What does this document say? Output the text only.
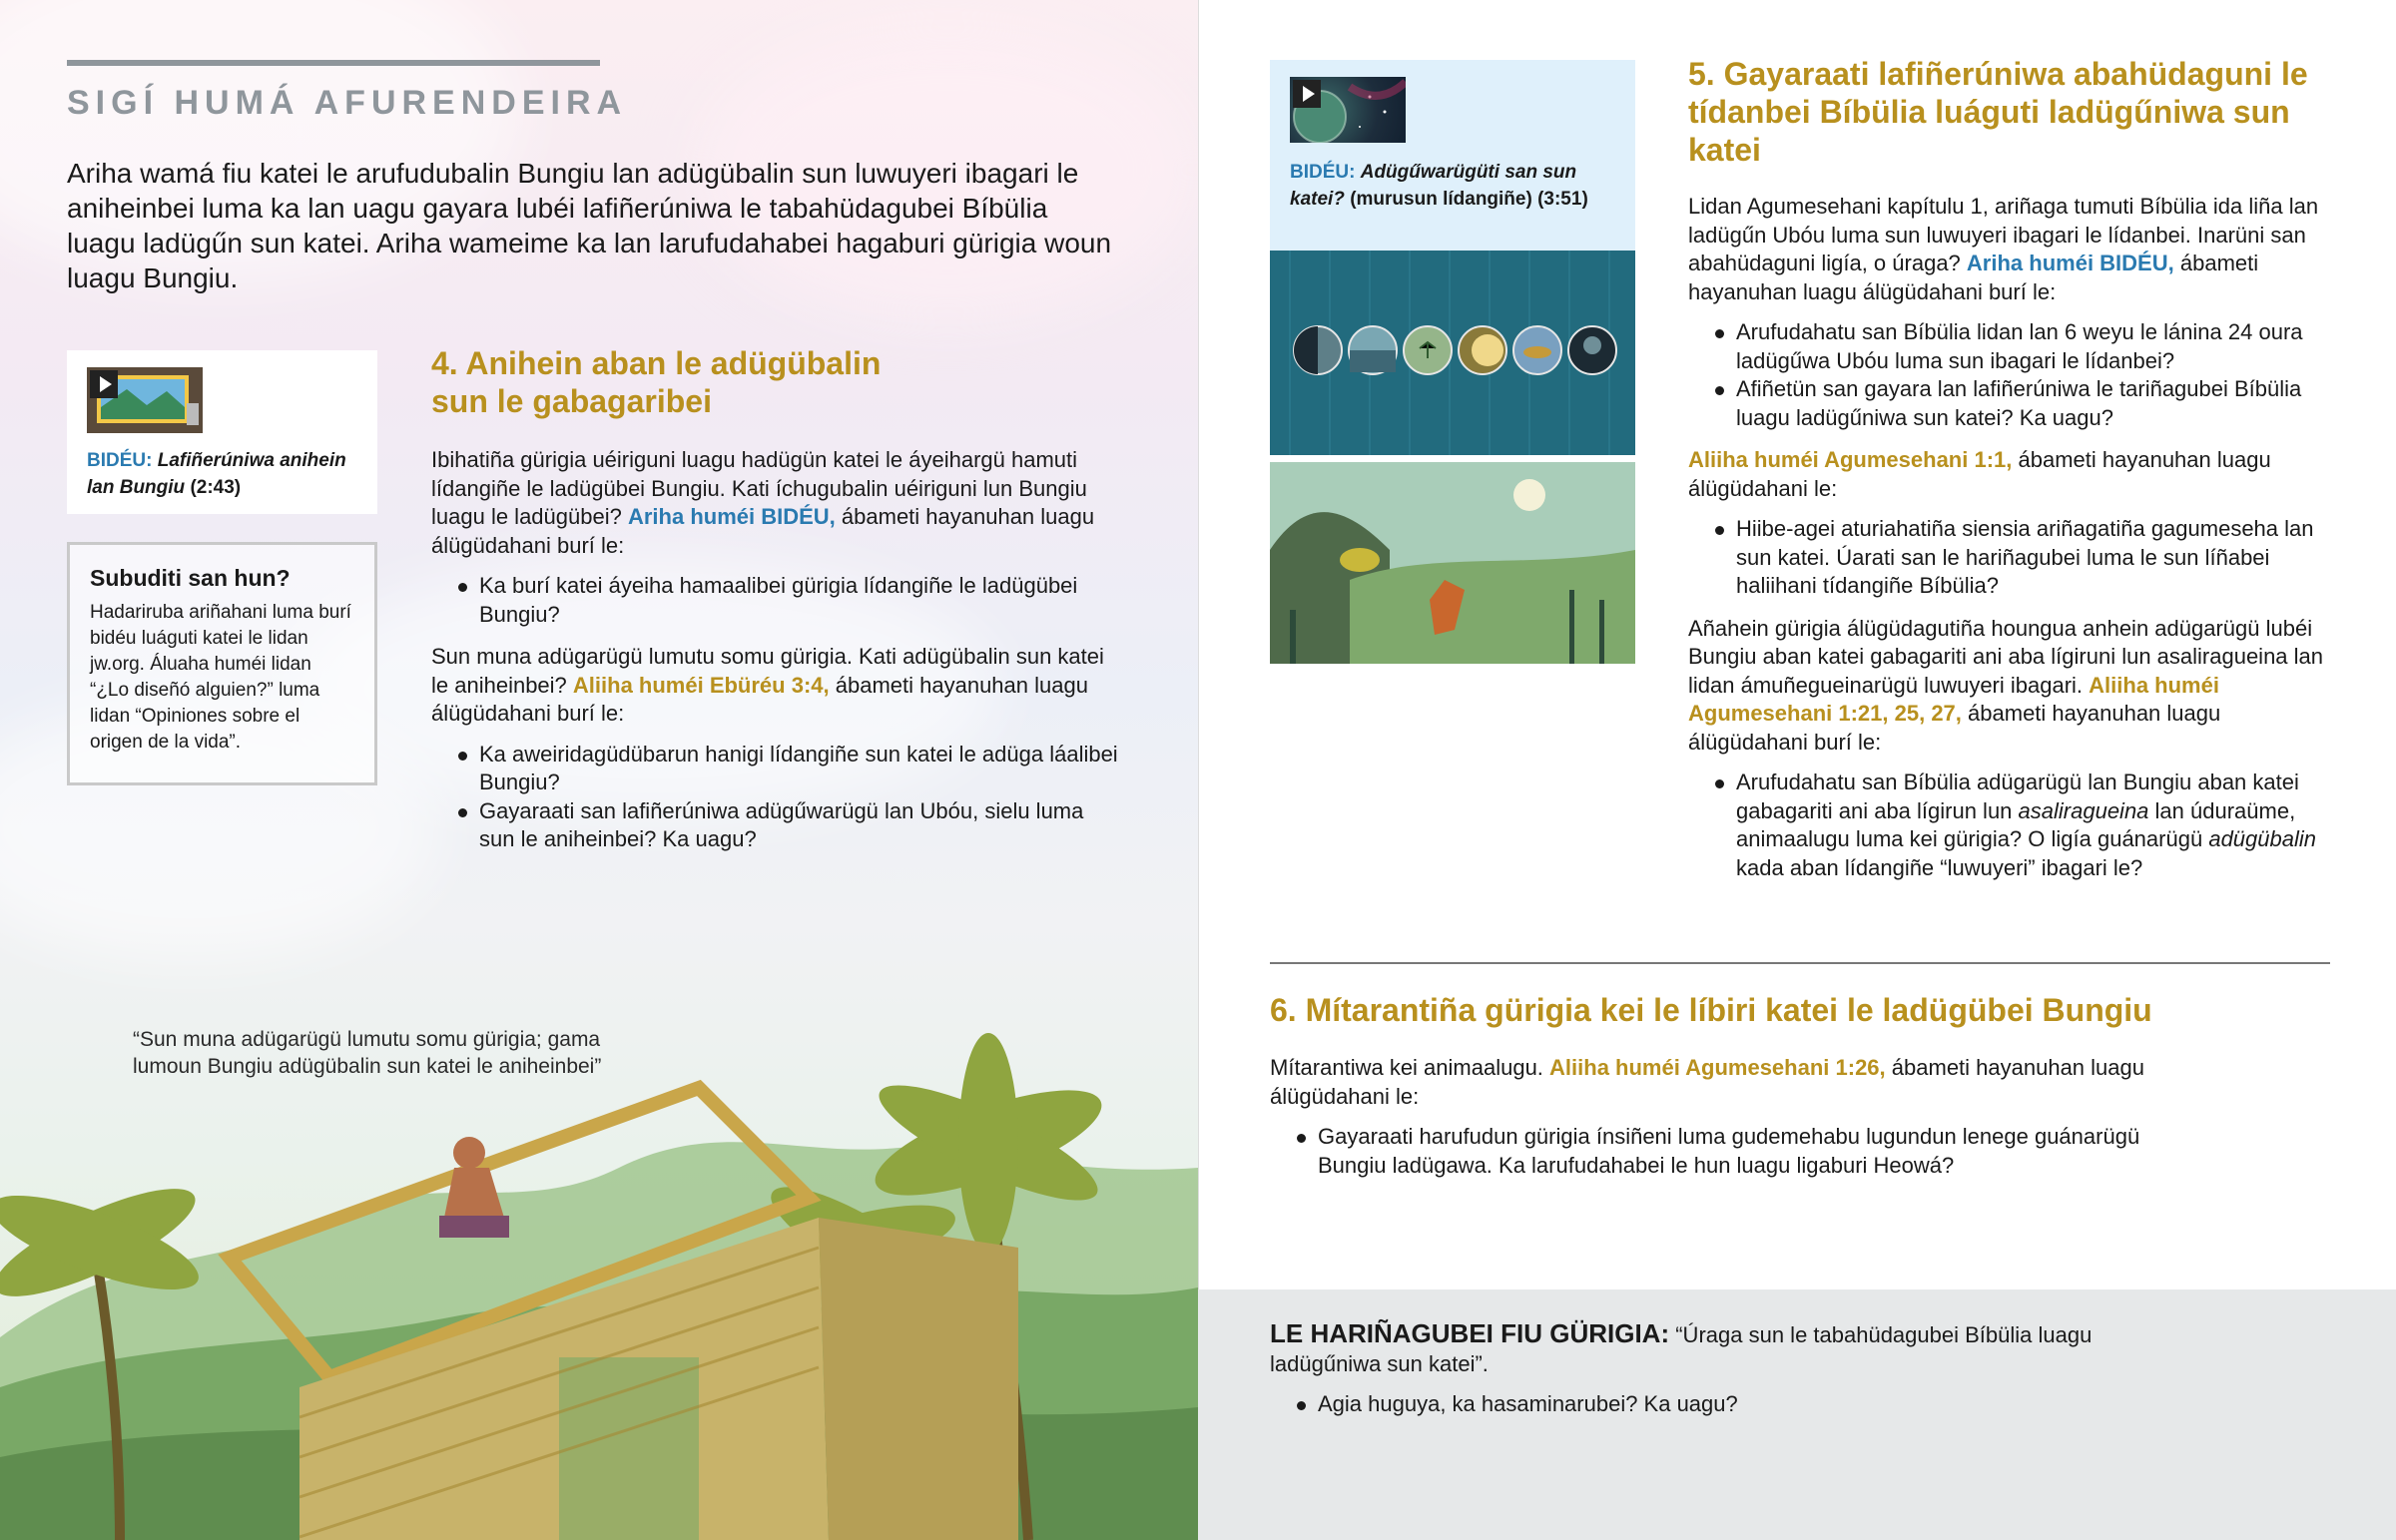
SIGÍ HUMÁ AFURENDEIRA
Ariha wamá fiu katei le arufudubalin Bungiu lan adügübalin sun luwuyeri ibagari le aniheinbei luma ka lan uagu gayara lubéi lafiñerúniwa le tabahüdagubei Bíbülia luagu ladügűn sun katei. Ariha wameime ka lan larufudahabei hagaburi gürigia woun luagu Bungiu.
BIDÉU: Lafiñerúniwa anihein lan Bungiu (2:43)
Subuditi san hun?

Hadariruba ariñahani luma burí bidéu luáguti katei le lidan jw.org. Áluaha huméi lidan “¿Lo diseñó alguien?” luma lidan “Opiniones sobre el origen de la vida”.

4. Anihein aban le adügübalin sun le gabagaribei

Ibihatiña gürigia uéiriguni luagu hadügün katei le áyeihargü hamuti lídangiñe le ladügübei Bungiu. Kati íchugubalin uéiriguni lun Bungiu luagu le ladügübei? Ariha huméi BIDÉU, ábameti hayanuhan luagu álügüdahani burí le:

Ka burí katei áyeiha hamaalibei gürigia lídangiñe le ladügübei Bungiu?

Sun muna adügarügü lumutu somu gürigia. Kati adügübalin sun katei le aniheinbei? Aliiha huméi Ebüréu 3:4, ábameti hayanuhan luagu álügüdahani burí le:

Ka aweiridagüdübarun hanigi lídangiñe sun katei le adüga láalibei Bungiu?
Gayaraati san lafiñerúniwa adügűwarügü lan Ubóu, sielu luma sun le aniheinbei? Ka uagu?
“Sun muna adügarügü lumutu somu gürigia; gama lumoun Bungiu adügübalin sun katei le aniheinbei”
BIDÉU: Adügűwarügüti san sun katei? (murusun lídangiñe) (3:51)
5. Gayaraati lafiñerúniwa abahüdaguni le tídanbei Bíbülia luáguti ladügűniwa sun katei

Lidan Agumesehani kapítulu 1, ariñaga tumuti Bíbülia ida liña lan ladügűn Ubóu luma sun luwuyeri ibagari le lídanbei. Inarüni san abahüdaguni ligía, o úraga? Ariha huméi BIDÉU, ábameti hayanuhan luagu álügüdahani burí le:

Arufudahatu san Bíbülia lidan lan 6 weyu le lánina 24 oura ladügűwa Ubóu luma sun ibagari le lídanbei?
Afiñetün san gayara lan lafiñerúniwa le tariñagubei Bíbülia luagu ladügűniwa sun katei? Ka uagu?

Aliiha huméi Agumesehani 1:1, ábameti hayanuhan luagu álügüdahani le:

Hiibe-agei aturiahatiña siensia ariñagatiña gagumeseha lan sun katei. Úarati san le hariñagubei luma le sun líñabei haliihani tídangiñe Bíbülia?

Añahein gürigia álügüdagutiña houngua anhein adügarügü lubéi Bungiu aban katei gabagariti ani aba lígiruni lun asaliragueina lan lidan ámuñegueinarügü luwuyeri ibagari. Aliiha huméi Agumesehani 1:21, 25, 27, ábameti hayanuhan luagu álügüdahani burí le:

Arufudahatu san Bíbülia adügarügü lan Bungiu aban katei gabagariti ani aba lígirun lun asaliragueina lan úduraüme, animaalugu luma kei gürigia? O ligía guánarügü adügübalin kada aban lídangiñe “luwuyeri” ibagari le?
6. Mítarantiña gürigia kei le líbiri katei le ladügübei Bungiu

Mítarantiwa kei animaalugu. Aliiha huméi Agumesehani 1:26, ábameti hayanuhan luagu álügüdahani le:

Gayaraati harufudun gürigia ínsiñeni luma gudemehabu lugundun lenege guánarügü Bungiu ladügawa. Ka larufudahabei le hun luagu ligaburi Heowá?

LE HARIÑAGUBEI FIU GÜRIGIA: “Úraga sun le tabahüdagubei Bíbülia luagu ladügűniwa sun katei”.

Agia huguya, ka hasaminarubei? Ka uagu?
